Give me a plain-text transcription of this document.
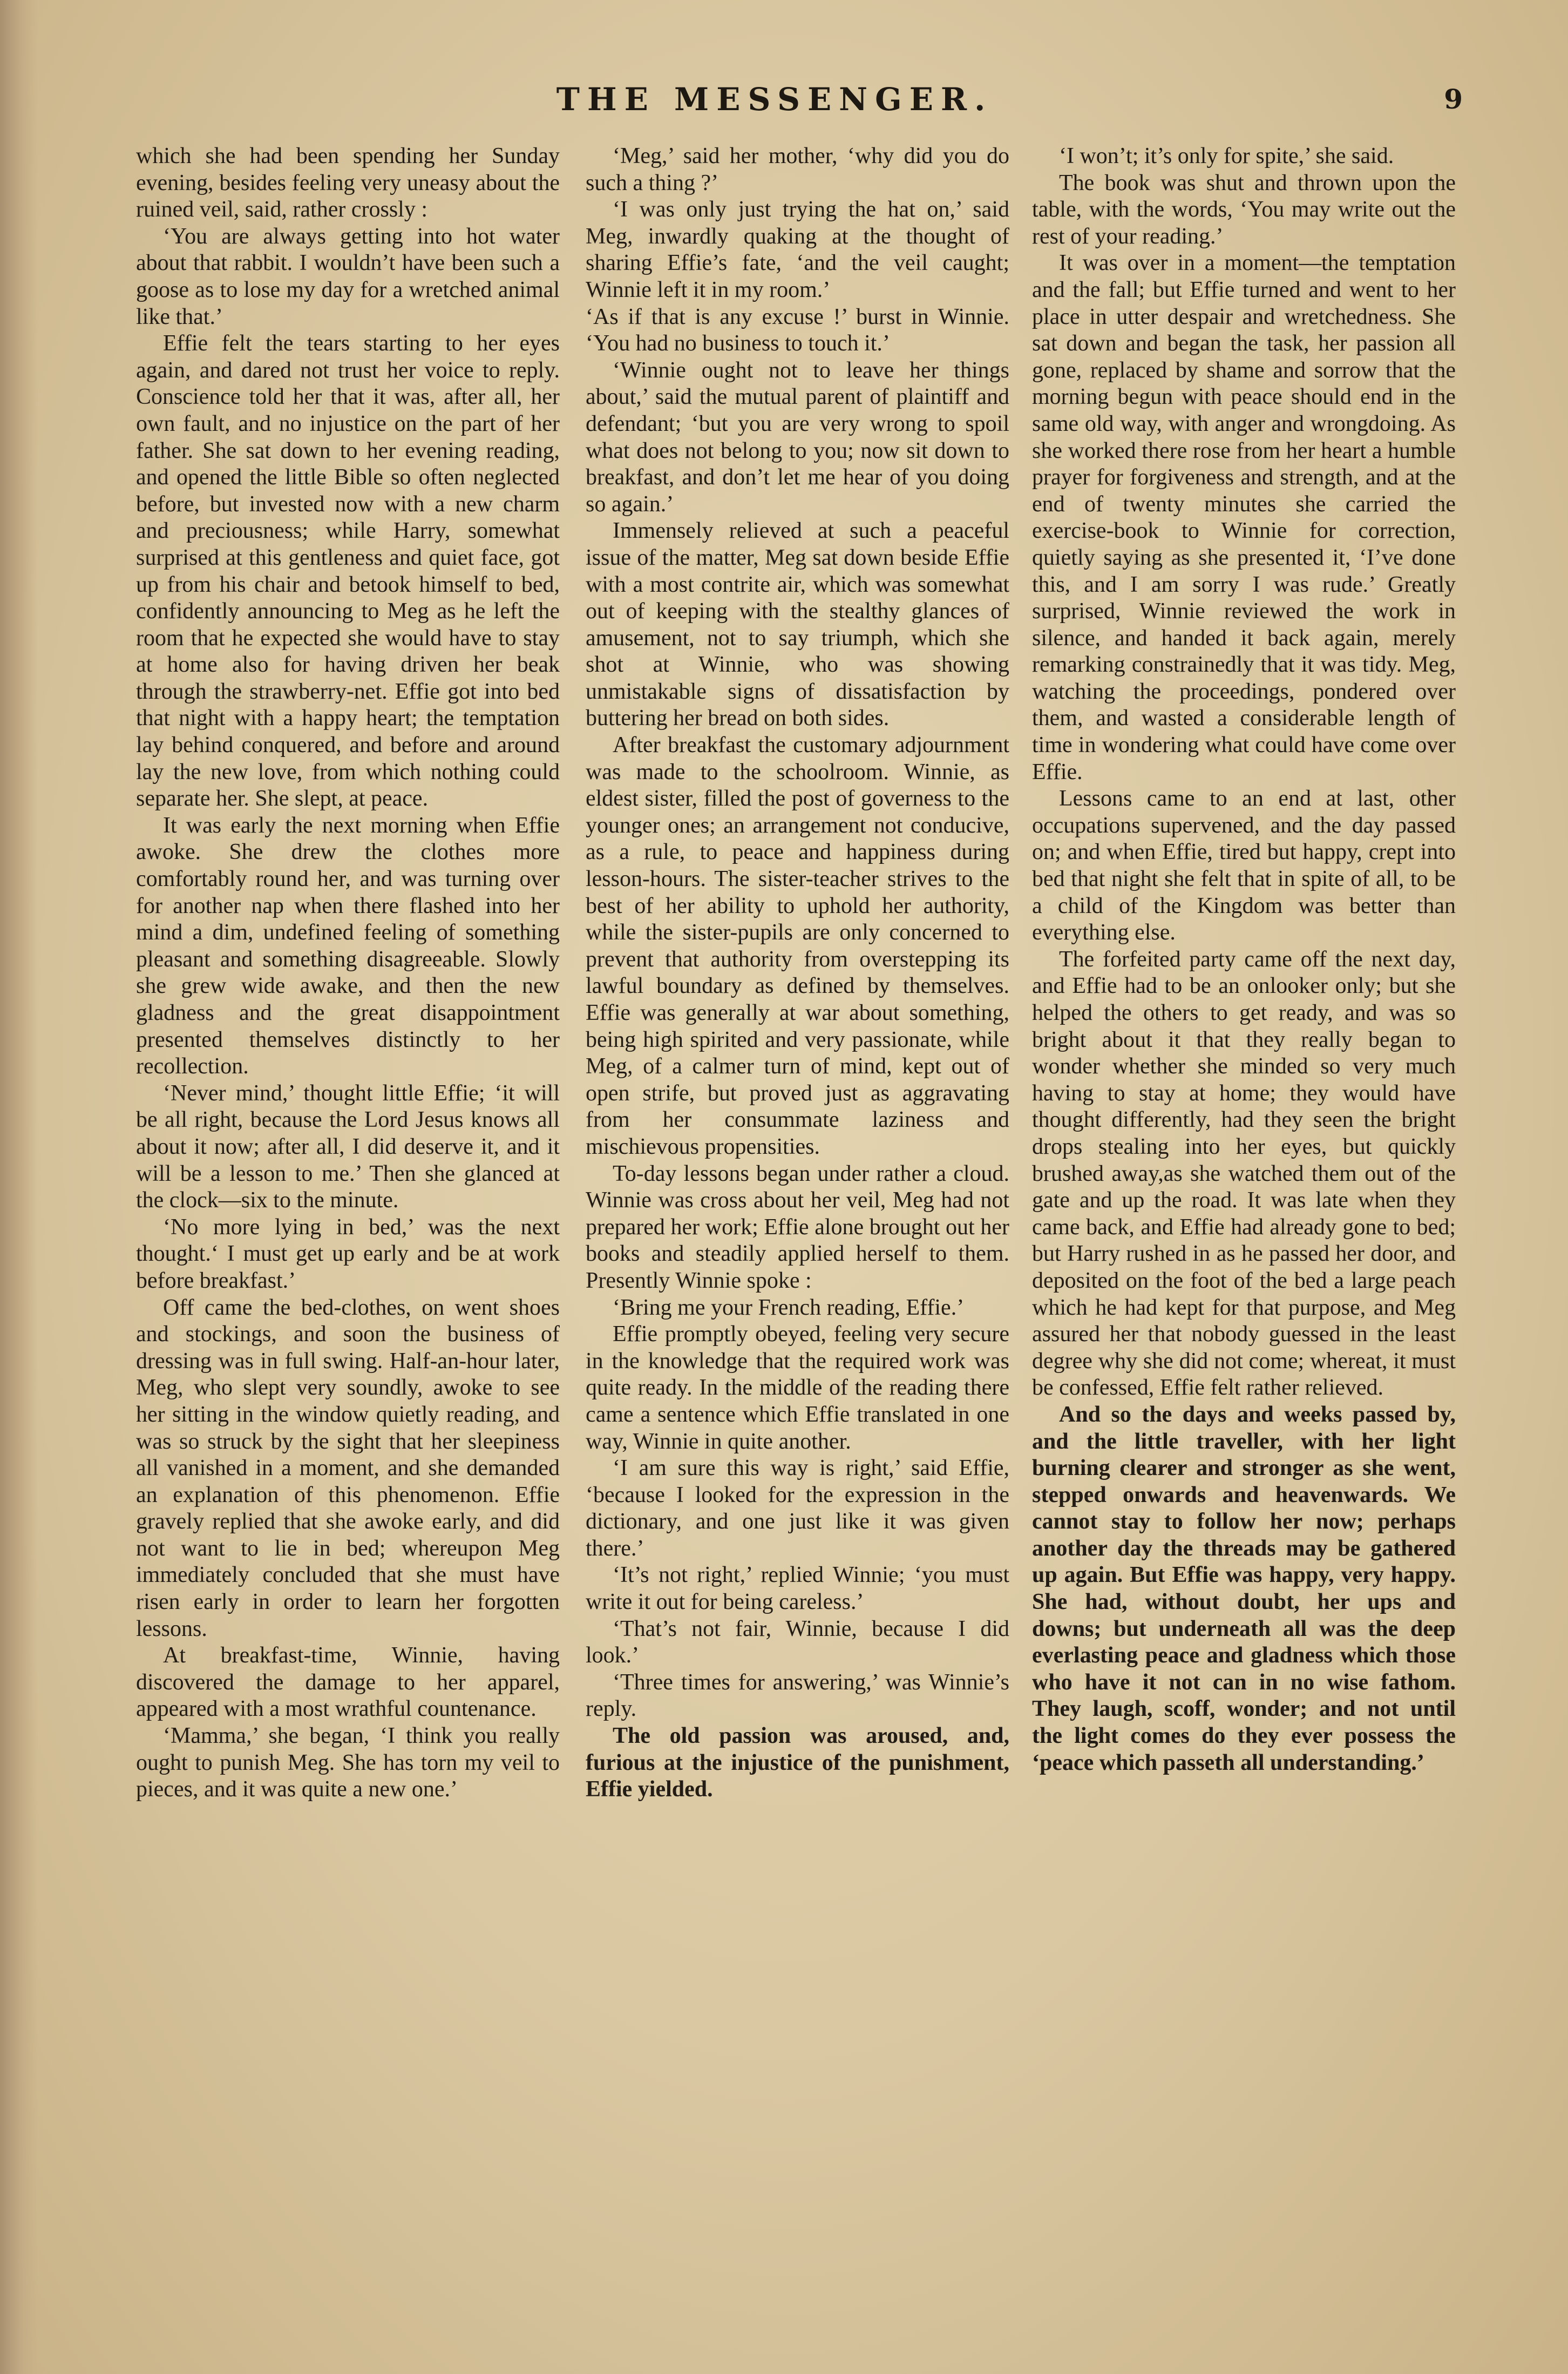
THE MESSENGER.	9

which she had been spending her Sunday evening, besides feeling very uneasy about the ruined veil, said, rather crossly :

‘You are always getting into hot water about that rabbit. I wouldn’t have been such a goose as to lose my day for a wretched animal like that.’

Effie felt the tears starting to her eyes again, and dared not trust her voice to reply. Conscience told her that it was, after all, her own fault, and no injustice on the part of her father. She sat down to her evening reading, and opened the little Bible so often neglected before, but invested now with a new charm and preciousness; while Harry, somewhat surprised at this gentleness and quiet face, got up from his chair and betook himself to bed, confidently announcing to Meg as he left the room that he expected she would have to stay at home also for having driven her beak through the strawberry-net. Effie got into bed that night with a happy heart; the temptation lay behind conquered, and before and around lay the new love, from which nothing could separate her. She slept, at peace.

It was early the next morning when Effie awoke. She drew the clothes more comfortably round her, and was turning over for another nap when there flashed into her mind a dim, undefined feeling of something pleasant and something disagreeable. Slowly she grew wide awake, and then the new gladness and the great disappointment presented themselves distinctly to her recollection.

‘Never mind,’ thought little Effie; ‘it will be all right, because the Lord Jesus knows all about it now; after all, I did deserve it, and it will be a lesson to me.’ Then she glanced at the clock—six to the minute.

‘No more lying in bed,’ was the next thought.‘ I must get up early and be at work before breakfast.’

Off came the bed-clothes, on went shoes and stockings, and soon the business of dressing was in full swing. Half-an-hour later, Meg, who slept very soundly, awoke to see her sitting in the window quietly reading, and was so struck by the sight that her sleepiness all vanished in a moment, and she demanded an explanation of this phenomenon. Effie gravely replied that she awoke early, and did not want to lie in bed; whereupon Meg immediately concluded that she must have risen early in order to learn her forgotten lessons.

At breakfast-time, Winnie, having discovered the damage to her apparel, appeared with a most wrathful countenance.

‘Mamma,’ she began, ‘I think you really ought to punish Meg. She has torn my veil to pieces, and it was quite a new one.’

‘Meg,’ said her mother, ‘why did you do such a thing ?’

‘I was only just trying the hat on,’ said Meg, inwardly quaking at the thought of sharing Effie’s fate, ‘and the veil caught; Winnie left it in my room.’

‘As if that is any excuse !’ burst in Winnie. ‘You had no business to touch it.’

‘Winnie ought not to leave her things about,’ said the mutual parent of plaintiff and defendant; ‘but you are very wrong to spoil what does not belong to you; now sit down to breakfast, and don’t let me hear of you doing so again.’

Immensely relieved at such a peaceful issue of the matter, Meg sat down beside Effie with a most contrite air, which was somewhat out of keeping with the stealthy glances of amusement, not to say triumph, which she shot at Winnie, who was showing unmistakable signs of dissatisfaction by buttering her bread on both sides.

After breakfast the customary adjournment was made to the schoolroom. Winnie, as eldest sister, filled the post of governess to the younger ones; an arrangement not conducive, as a rule, to peace and happiness during lesson-hours. The sister-teacher strives to the best of her ability to uphold her authority, while the sister-pupils are only concerned to prevent that authority from overstepping its lawful boundary as defined by themselves. Effie was generally at war about something, being high spirited and very passionate, while Meg, of a calmer turn of mind, kept out of open strife, but proved just as aggravating from her consummate laziness and mischievous propensities.

To-day lessons began under rather a cloud. Winnie was cross about her veil, Meg had not prepared her work; Effie alone brought out her books and steadily applied herself to them. Presently Winnie spoke :

‘Bring me your French reading, Effie.’

Effie promptly obeyed, feeling very secure in the knowledge that the required work was quite ready. In the middle of the reading there came a sentence which Effie translated in one way, Winnie in quite another.

‘I am sure this way is right,’ said Effie, ‘because I looked for the expression in the dictionary, and one just like it was given there.’

‘It’s not right,’ replied Winnie; ‘you must write it out for being careless.’

‘That’s not fair, Winnie, because I did look.’

‘Three times for answering,’ was Winnie’s reply.

The old passion was aroused, and, furious at the injustice of the punishment, Effie yielded.

‘I won’t; it’s only for spite,’ she said.

The book was shut and thrown upon the table, with the words, ‘You may write out the rest of your reading.’

It was over in a moment—the temptation and the fall; but Effie turned and went to her place in utter despair and wretchedness. She sat down and began the task, her passion all gone, replaced by shame and sorrow that the morning begun with peace should end in the same old way, with anger and wrongdoing. As she worked there rose from her heart a humble prayer for forgiveness and strength, and at the end of twenty minutes she carried the exercise-book to Winnie for correction, quietly saying as she presented it, ‘I’ve done this, and I am sorry I was rude.’ Greatly surprised, Winnie reviewed the work in silence, and handed it back again, merely remarking constrainedly that it was tidy. Meg, watching the proceedings, pondered over them, and wasted a considerable length of time in wondering what could have come over Effie.

Lessons came to an end at last, other occupations supervened, and the day passed on; and when Effie, tired but happy, crept into bed that night she felt that in spite of all, to be a child of the Kingdom was better than everything else.

The forfeited party came off the next day, and Effie had to be an onlooker only; but she helped the others to get ready, and was so bright about it that they really began to wonder whether she minded so very much having to stay at home; they would have thought differently, had they seen the bright drops stealing into her eyes, but quickly brushed away,as she watched them out of the gate and up the road. It was late when they came back, and Effie had already gone to bed; but Harry rushed in as he passed her door, and deposited on the foot of the bed a large peach which he had kept for that purpose, and Meg assured her that nobody guessed in the least degree why she did not come; whereat, it must be confessed, Effie felt rather relieved.

And so the days and weeks passed by, and the little traveller, with her light burning clearer and stronger as she went, stepped onwards and heavenwards. We cannot stay to follow her now; perhaps another day the threads may be gathered up again. But Effie was happy, very happy. She had, without doubt, her ups and downs; but underneath all was the deep everlasting peace and gladness which those who have it not can in no wise fathom. They laugh, scoff, wonder; and not until the light comes do they ever possess the ‘peace which passeth all understanding.’
